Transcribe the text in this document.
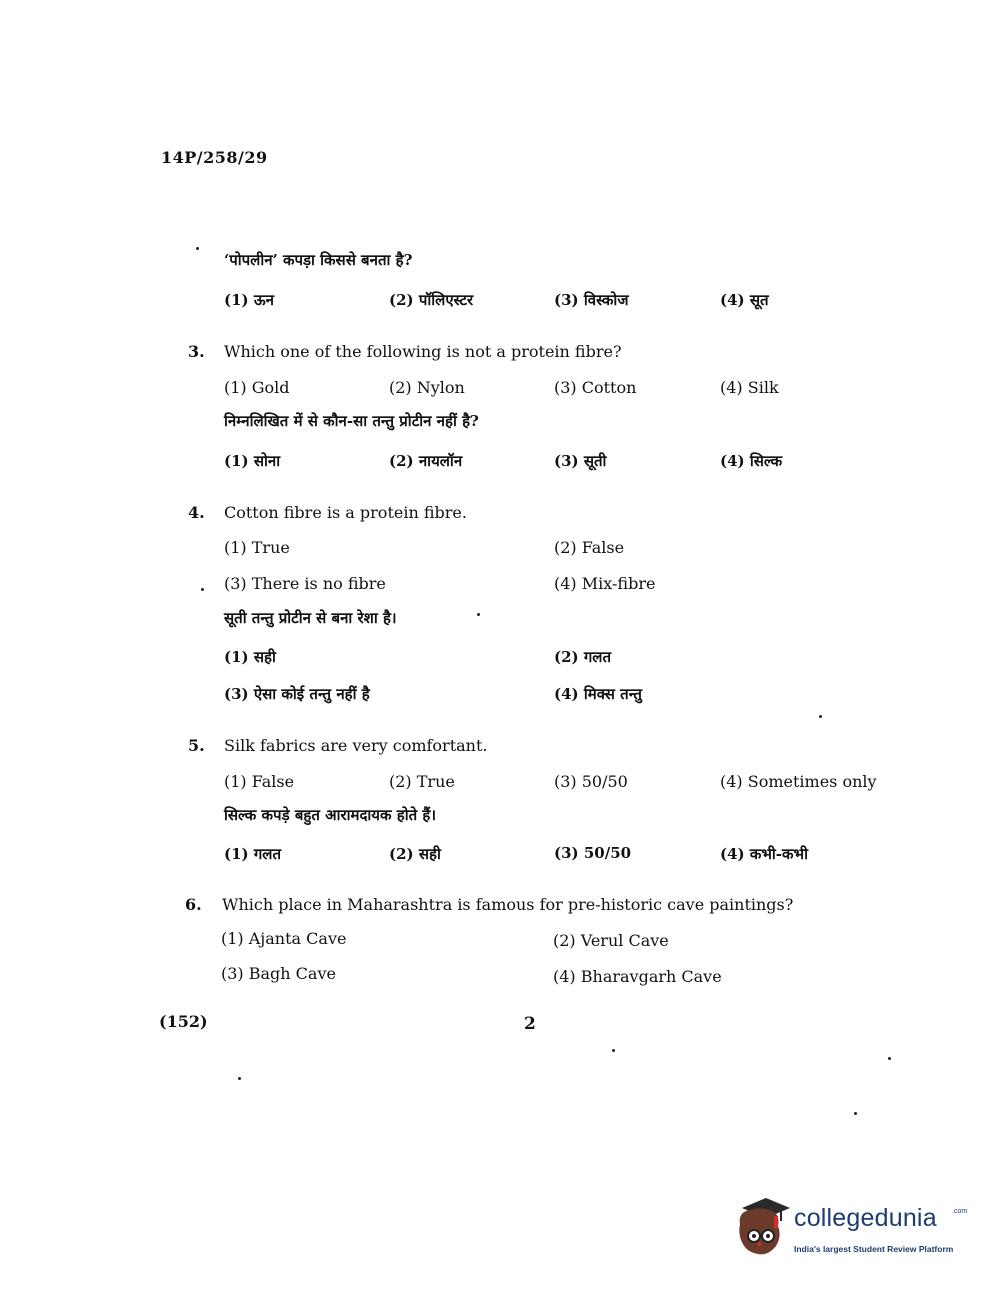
14P/258/29
‘पोपलीन’ कपड़ा किससे बनता है?
(1) ऊन	(2) पॉलिएस्टर	(3) विस्कोज	(4) सूत
3. Which one of the following is not a protein fibre?
(1) Gold	(2) Nylon	(3) Cotton	(4) Silk
निम्नलिखित में से कौन-सा तन्तु प्रोटीन नहीं है?
(1) सोना	(2) नायलॉन	(3) सूती	(4) सिल्क
4. Cotton fibre is a protein fibre.
(1) True	(2) False
(3) There is no fibre	(4) Mix-fibre
सूती तन्तु प्रोटीन से बना रेशा है।
(1) सही	(2) गलत
(3) ऐसा कोई तन्तु नहीं है	(4) मिक्स तन्तु
5. Silk fabrics are very comfortant.
(1) False	(2) True	(3) 50/50	(4) Sometimes only
सिल्क कपड़े बहुत आरामदायक होते हैं।
(1) गलत	(2) सही	(3) 50/50	(4) कभी-कभी
6. Which place in Maharashtra is famous for pre-historic cave paintings?
(1) Ajanta Cave	(2) Verul Cave
(3) Bagh Cave	(4) Bharavgarh Cave
(152)	2
collegedunia .com
India's largest Student Review Platform
